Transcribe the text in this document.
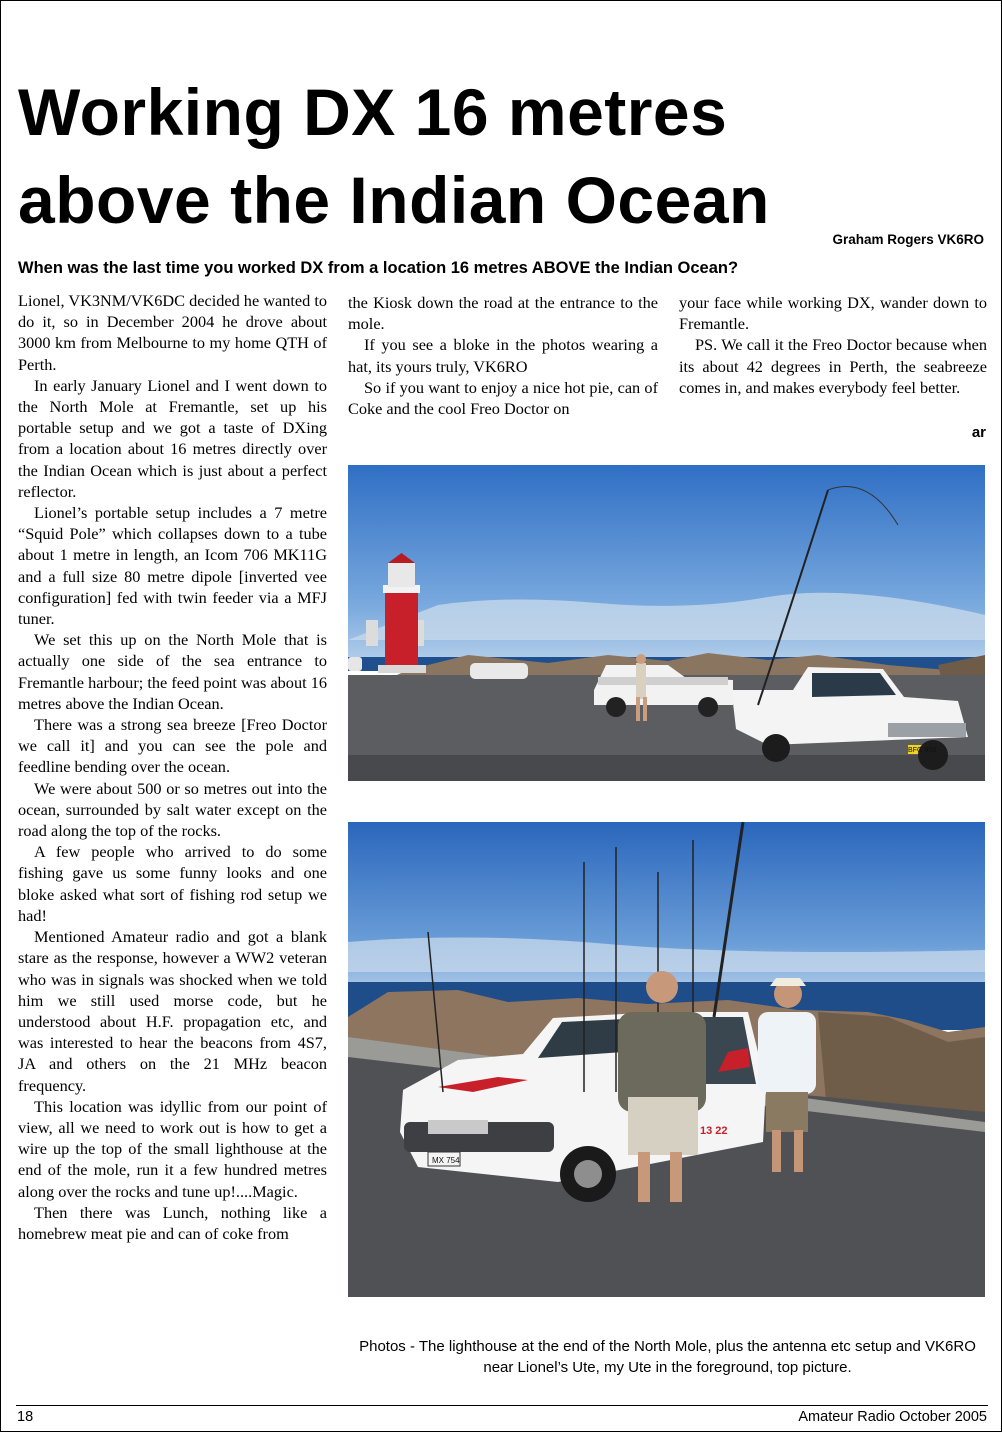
Working DX 16 metres
above the Indian Ocean
Graham Rogers VK6RO

When was the last time you worked DX from a location 16 metres ABOVE the Indian Ocean?

Lionel, VK3NM/VK6DC decided he wanted to do it, so in December 2004 he drove about 3000 km from Melbourne to my home QTH of Perth.

In early January Lionel and I went down to the North Mole at Fremantle, set up his portable setup and we got a taste of DXing from a location about 16 metres directly over the Indian Ocean which is just about a perfect reflector.

Lionel’s portable setup includes a 7 metre “Squid Pole” which collapses down to a tube about 1 metre in length, an Icom 706 MK11G and a full size 80 metre dipole [inverted vee configuration] fed with twin feeder via a MFJ tuner.

We set this up on the North Mole that is actually one side of the sea entrance to Fremantle harbour; the feed point was about 16 metres above the Indian Ocean.

There was a strong sea breeze [Freo Doctor we call it] and you can see the pole and feedline bending over the ocean.

We were about 500 or so metres out into the ocean, surrounded by salt water except on the road along the top of the rocks.

A few people who arrived to do some fishing gave us some funny looks and one bloke asked what sort of fishing rod setup we had!

Mentioned Amateur radio and got a blank stare as the response, however a WW2 veteran who was in signals was shocked when we told him we still used morse code, but he understood about H.F. propagation etc, and was interested to hear the beacons from 4S7, JA and others on the 21 MHz beacon frequency.

This location was idyllic from our point of view, all we need to work out is how to get a wire up the top of the small lighthouse at the end of the mole, run it a few hundred metres along over the rocks and tune up!....Magic.

Then there was Lunch, nothing like a homebrew meat pie and can of coke from

the Kiosk down the road at the entrance to the mole.

If you see a bloke in the photos wearing a hat, its yours truly, VK6RO

So if you want to enjoy a nice hot pie, can of Coke and the cool Freo Doctor on

your face while working DX, wander down to Fremantle.

PS. We call it the Freo Doctor because when its about 42 degrees in Perth, the seabreeze comes in, and makes everybody feel better.

ar
BFG 953
MX 754
13 22

Photos - The lighthouse at the end of the North Mole, plus the antenna etc setup and VK6RO near Lionel’s Ute, my Ute in the foreground, top picture.

18	Amateur Radio October 2005
